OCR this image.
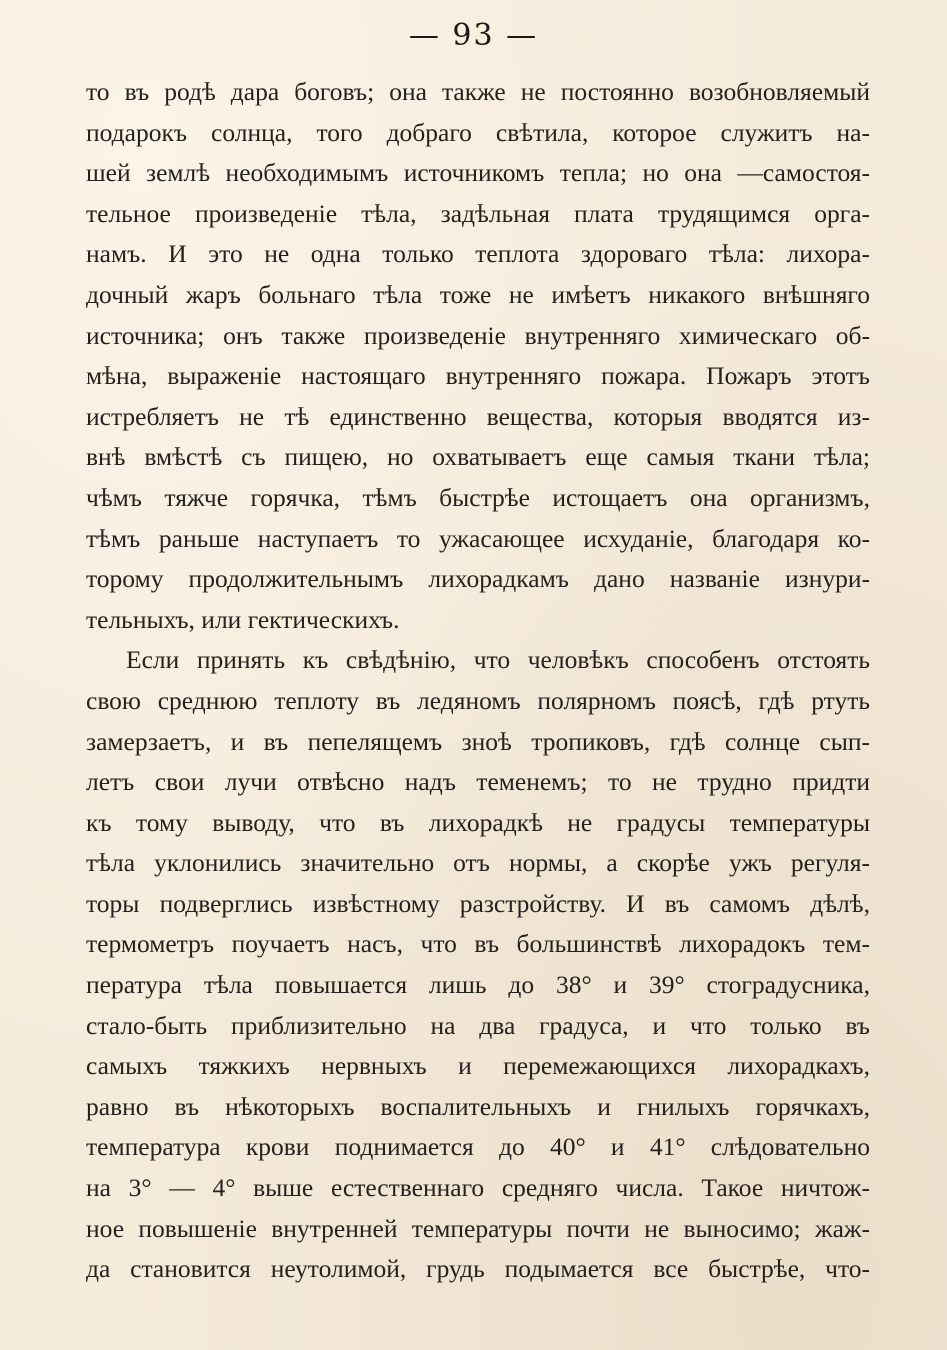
— 93 —
то въ родѣ дара боговъ; она также не постоянно возобновляемый
подарокъ солнца, того добраго свѣтила, которое служитъ на-
шей землѣ необходимымъ источникомъ тепла; но она —самостоя-
тельное произведенiе тѣла, задѣльная плата трудящимся орга-
намъ. И это не одна только теплота здороваго тѣла: лихора-
дочный жаръ больнаго тѣла тоже не имѣетъ никакого внѣшняго
источника; онъ также произведенiе внутренняго химическаго об-
мѣна, выраженiе настоящаго внутренняго пожара. Пожаръ этотъ
истребляетъ не тѣ единственно вещества, которыя вводятся из-
внѣ вмѣстѣ съ пищею, но охватываетъ еще самыя ткани тѣла;
чѣмъ тяжче горячка, тѣмъ быстрѣе истощаетъ она организмъ,
тѣмъ раньше наступаетъ то ужасающее исхуданiе, благодаря ко-
торому продолжительнымъ лихорадкамъ дано названiе изнури-
тельныхъ, или гектическихъ.
Если принять къ свѣдѣнiю, что человѣкъ способенъ отстоять
свою среднюю теплоту въ ледяномъ полярномъ поясѣ, гдѣ ртуть
замерзаетъ, и въ пепелящемъ знoѣ тропиковъ, гдѣ солнце сып-
летъ свои лучи отвѣсно надъ теменемъ; то не трудно придти
къ тому выводу, что въ лихорадкѣ не градусы температуры
тѣла уклонились значительно отъ нормы, а скорѣе ужъ регуля-
торы подверглись извѣстному разстройству. И въ самомъ дѣлѣ,
термометръ поучаетъ насъ, что въ большинствѣ лихорадокъ тем-
пература тѣла повышается лишь до 38° и 39° стоградусника,
стало-быть приблизительно на два градуса, и что только въ
самыхъ тяжкихъ нервныхъ и перемежающихся лихорадкахъ,
равно въ нѣкоторыхъ воспалительныхъ и гнилыхъ горячкахъ,
температура крови поднимается до 40° и 41° слѣдовательно
на 3° — 4° выше естественнаго средняго числа. Такое ничтож-
ное повышенiе внутренней температуры почти не выносимо; жаж-
да становится неутолимой, грудь подымается все быстрѣе, что-
